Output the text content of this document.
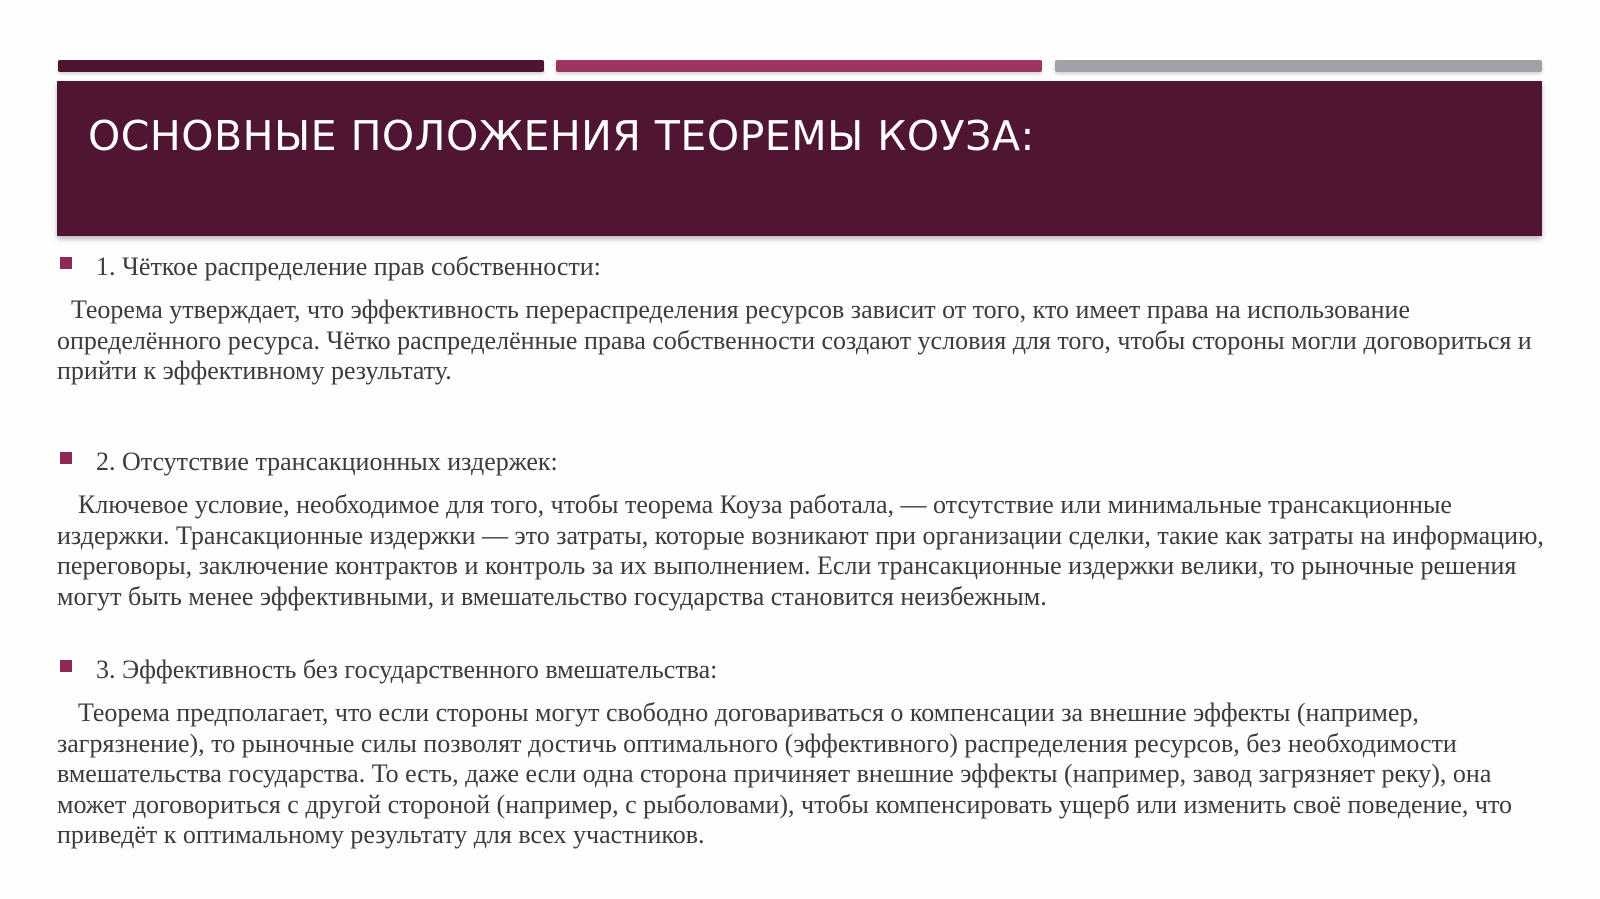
ОСНОВНЫЕ ПОЛОЖЕНИЯ ТЕОРЕМЫ КОУЗА:
1. Чёткое распределение прав собственности:

Теорема утверждает, что эффективность перераспределения ресурсов зависит от того, кто имеет права на использование определённого ресурса. Чётко распределённые права собственности создают условия для того, чтобы стороны могли договориться и прийти к эффективному результату.

2. Отсутствие трансакционных издержек:

Ключевое условие, необходимое для того, чтобы теорема Коуза работала, — отсутствие или минимальные трансакционные издержки. Трансакционные издержки — это затраты, которые возникают при организации сделки, такие как затраты на информацию, переговоры, заключение контрактов и контроль за их выполнением. Если трансакционные издержки велики, то рыночные решения могут быть менее эффективными, и вмешательство государства становится неизбежным.

3. Эффективность без государственного вмешательства:

Теорема предполагает, что если стороны могут свободно договариваться о компенсации за внешние эффекты (например, загрязнение), то рыночные силы позволят достичь оптимального (эффективного) распределения ресурсов, без необходимости вмешательства государства. То есть, даже если одна сторона причиняет внешние эффекты (например, завод загрязняет реку), она может договориться с другой стороной (например, с рыболовами), чтобы компенсировать ущерб или изменить своё поведение, что приведёт к оптимальному результату для всех участников.
